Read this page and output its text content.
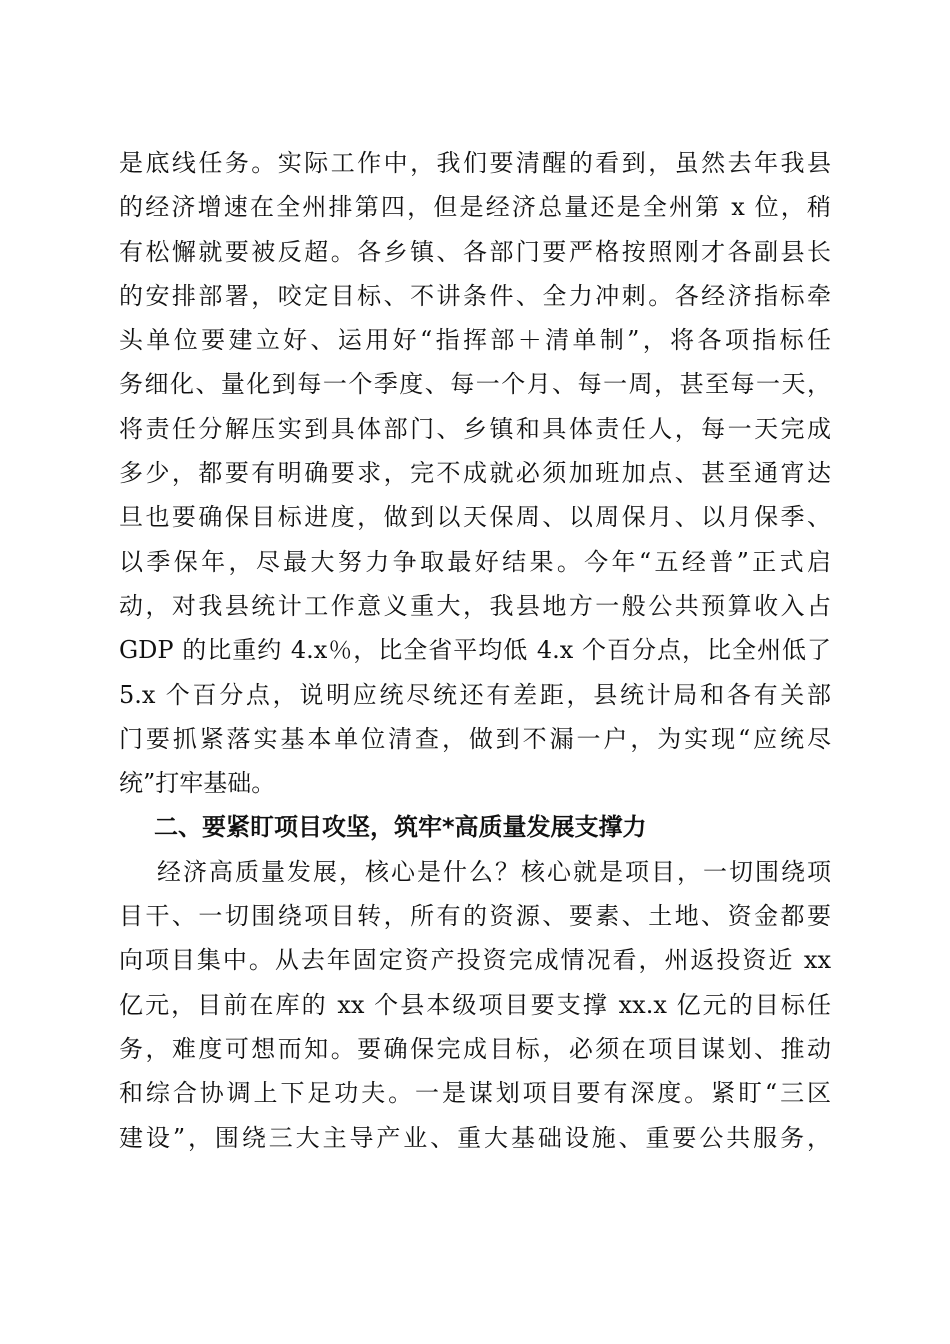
是底线任务。实际工作中，我们要清醒的看到，虽然去年我县
的经济增速在全州排第四，但是经济总量还是全州第 x 位，稍
有松懈就要被反超。各乡镇、各部门要严格按照刚才各副县长
的安排部署，咬定目标、不讲条件、全力冲刺。各经济指标牵
头单位要建立好、运用好“指挥部＋清单制”，将各项指标任
务细化、量化到每一个季度、每一个月、每一周，甚至每一天，
将责任分解压实到具体部门、乡镇和具体责任人，每一天完成
多少，都要有明确要求，完不成就必须加班加点、甚至通宵达
旦也要确保目标进度，做到以天保周、以周保月、以月保季、
以季保年，尽最大努力争取最好结果。今年“五经普”正式启
动，对我县统计工作意义重大，我县地方一般公共预算收入占
GDP 的比重约 4.x％，比全省平均低 4.x 个百分点，比全州低了
5.x 个百分点，说明应统尽统还有差距，县统计局和各有关部
门要抓紧落实基本单位清查，做到不漏一户，为实现“应统尽
统”打牢基础。
二、要紧盯项目攻坚，筑牢*高质量发展支撑力
经济高质量发展，核心是什么？核心就是项目，一切围绕项
目干、一切围绕项目转，所有的资源、要素、土地、资金都要
向项目集中。从去年固定资产投资完成情况看，州返投资近 xx
亿元，目前在库的 xx 个县本级项目要支撑 xx.x 亿元的目标任
务，难度可想而知。要确保完成目标，必须在项目谋划、推动
和综合协调上下足功夫。一是谋划项目要有深度。紧盯“三区
建设”，围绕三大主导产业、重大基础设施、重要公共服务，
